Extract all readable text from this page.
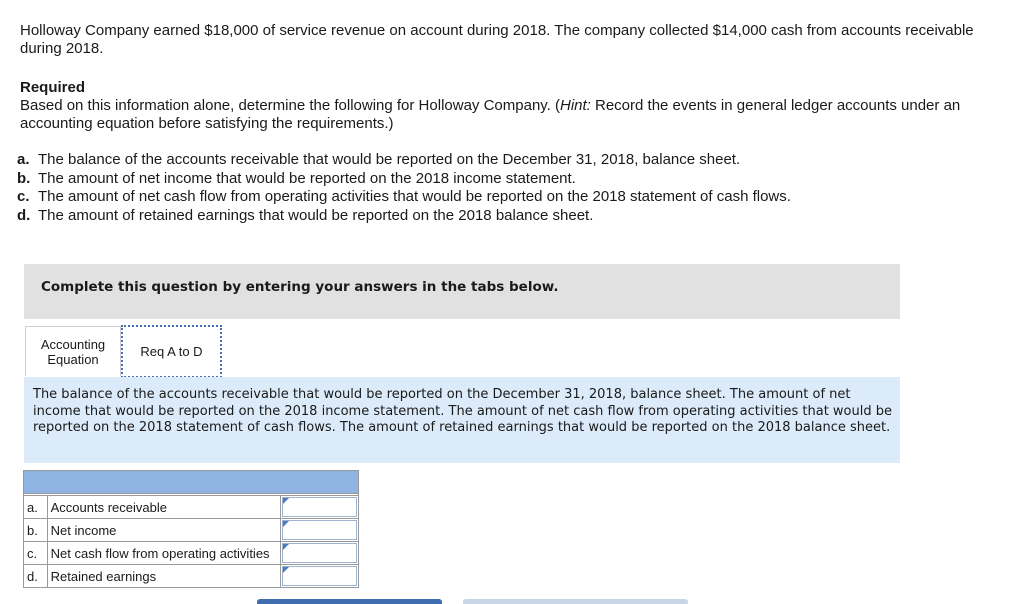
Holloway Company earned $18,000 of service revenue on account during 2018. The company collected $14,000 cash from accounts receivable during 2018.

Required

Based on this information alone, determine the following for Holloway Company. (Hint: Record the events in general ledger accounts under an accounting equation before satisfying the requirements.)

a. The balance of the accounts receivable that would be reported on the December 31, 2018, balance sheet.
b. The amount of net income that would be reported on the 2018 income statement.
c. The amount of net cash flow from operating activities that would be reported on the 2018 statement of cash flows.
d. The amount of retained earnings that would be reported on the 2018 balance sheet.
Complete this question by entering your answers in the tabs below.
Accounting
Equation	Req A to D

The balance of the accounts receivable that would be reported on the December 31, 2018, balance sheet. The amount of net income that would be reported on the 2018 income statement. The amount of net cash flow from operating activities that would be reported on the 2018 statement of cash flows. The amount of retained earnings that would be reported on the 2018 balance sheet.

a.	Accounts receivable	

b.	Net income	

c.	Net cash flow from operating activities	

d.	Retained earnings	
